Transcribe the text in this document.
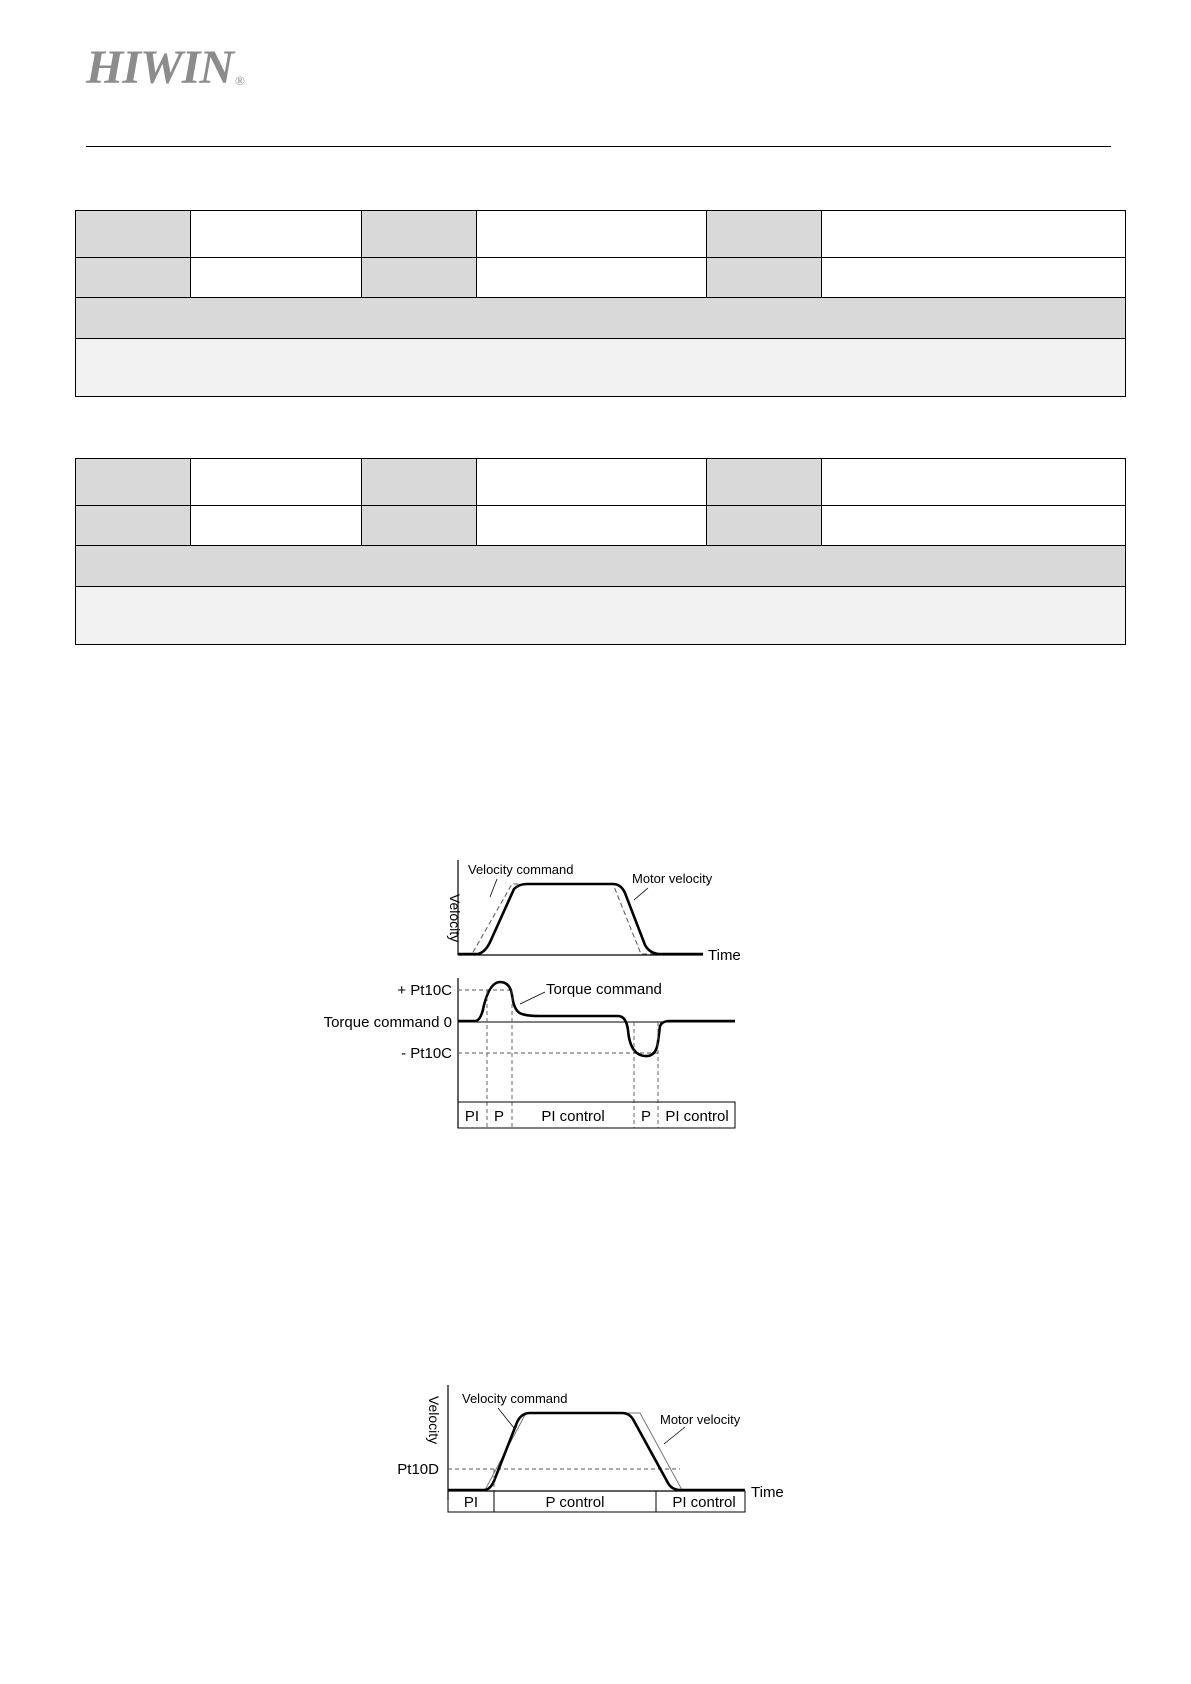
HIWIN ®

Velocity
Time
Velocity command
Motor velocity
+ Pt10C
Torque command 0
- Pt10C
Torque command
PI P PI control P PI control
Velocity
Time
Pt10D
Velocity command
Motor velocity
PI	P control	PI control
